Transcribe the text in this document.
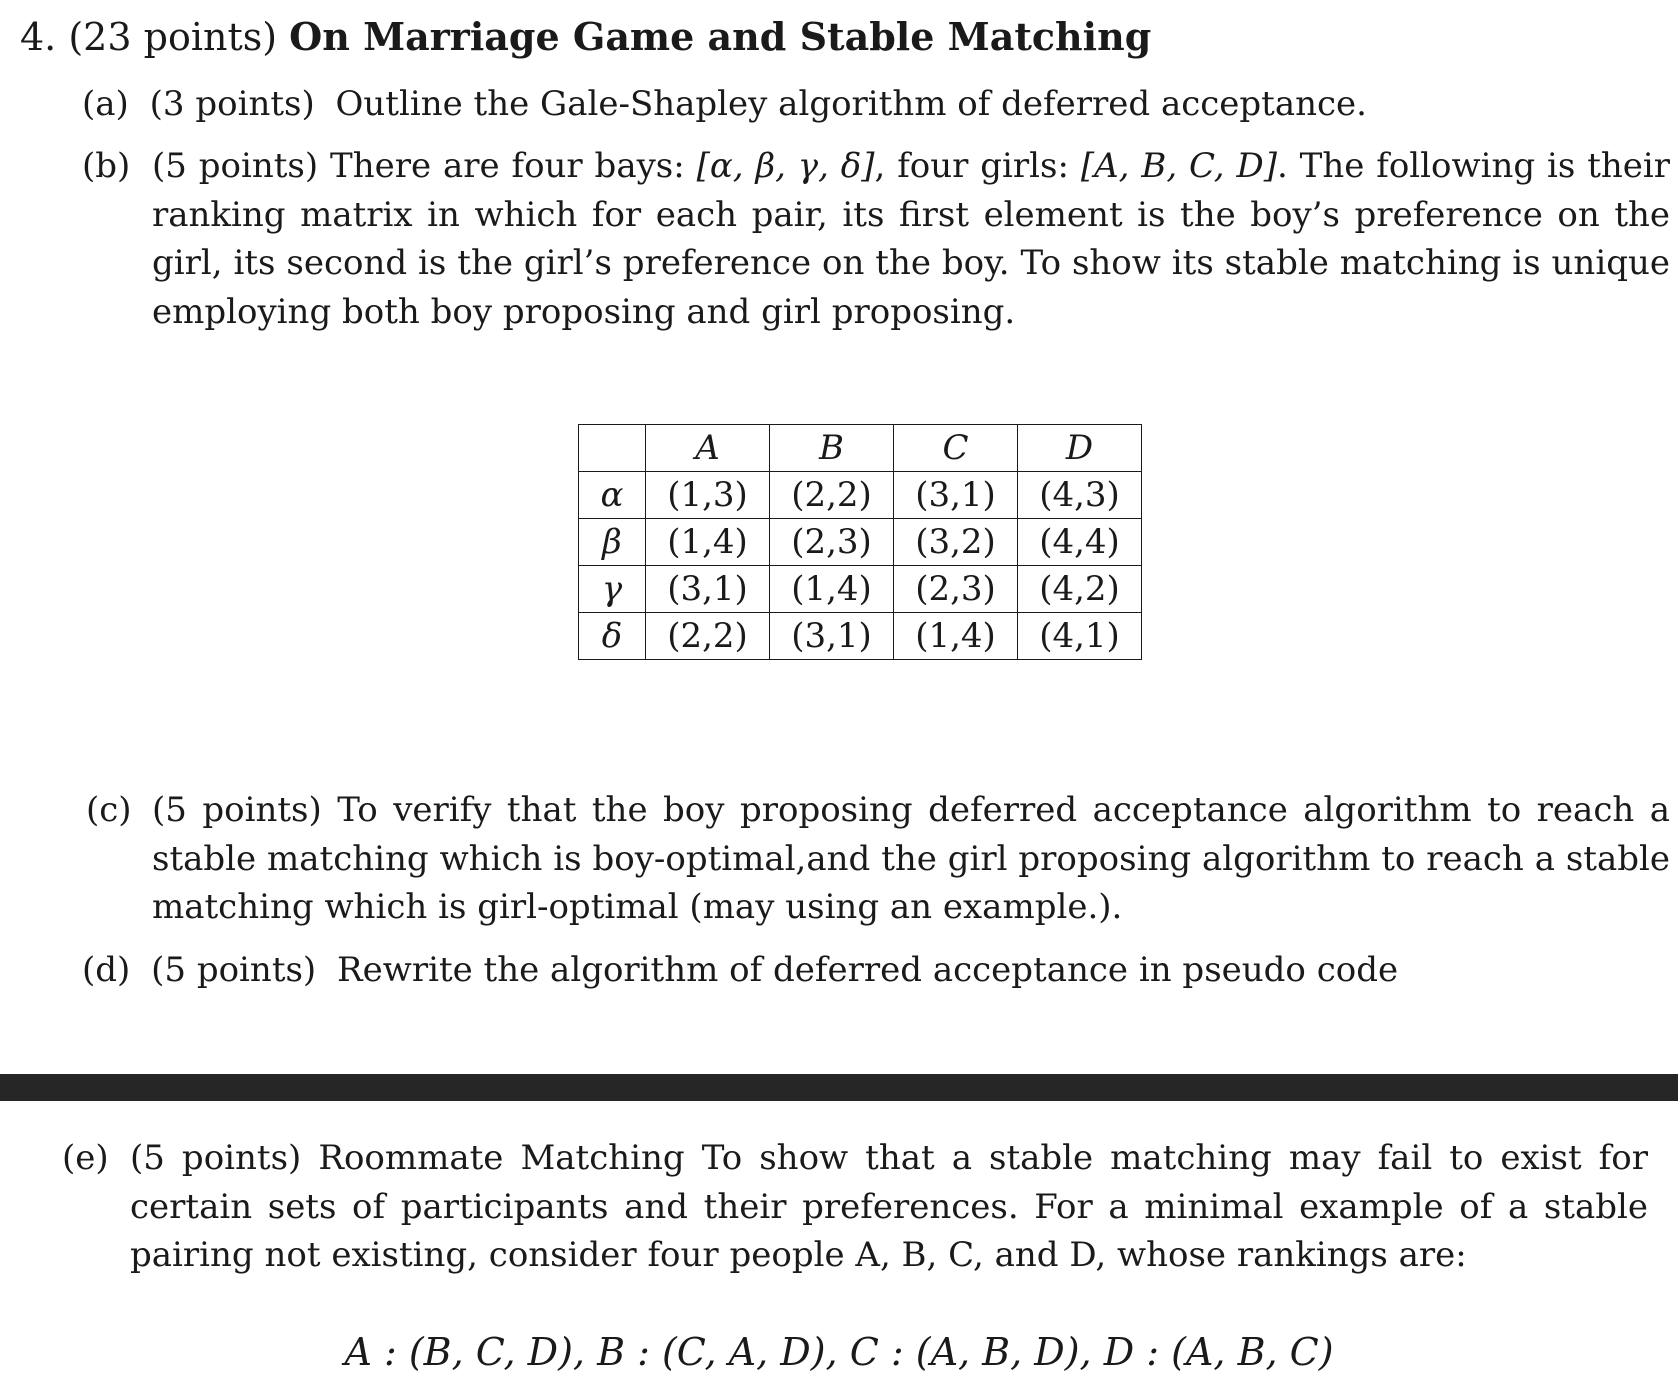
4. (23 points) On Marriage Game and Stable Matching
(a) (3 points) Outline the Gale-Shapley algorithm of deferred acceptance.
(b) (5 points) There are four bays: [α, β, γ, δ], four girls: [A, B, C, D]. The following is their ranking matrix in which for each pair, its first element is the boy’s preference on the girl, its second is the girl’s preference on the boy. To show its stable matching is unique employing both boy proposing and girl proposing.
	A	B	C	D
α	(1,3)	(2,2)	(3,1)	(4,3)
β	(1,4)	(2,3)	(3,2)	(4,4)
γ	(3,1)	(1,4)	(2,3)	(4,2)
δ	(2,2)	(3,1)	(1,4)	(4,1)
(c) (5 points) To verify that the boy proposing deferred acceptance algorithm to reach a stable matching which is boy-optimal,and the girl proposing algorithm to reach a stable matching which is girl-optimal (may using an example.).
(d) (5 points) Rewrite the algorithm of deferred acceptance in pseudo code
(e) (5 points) Roommate Matching To show that a stable matching may fail to exist for certain sets of participants and their preferences. For a minimal example of a stable pairing not existing, consider four people A, B, C, and D, whose rankings are:
A : (B, C, D), B : (C, A, D), C : (A, B, D), D : (A, B, C)
